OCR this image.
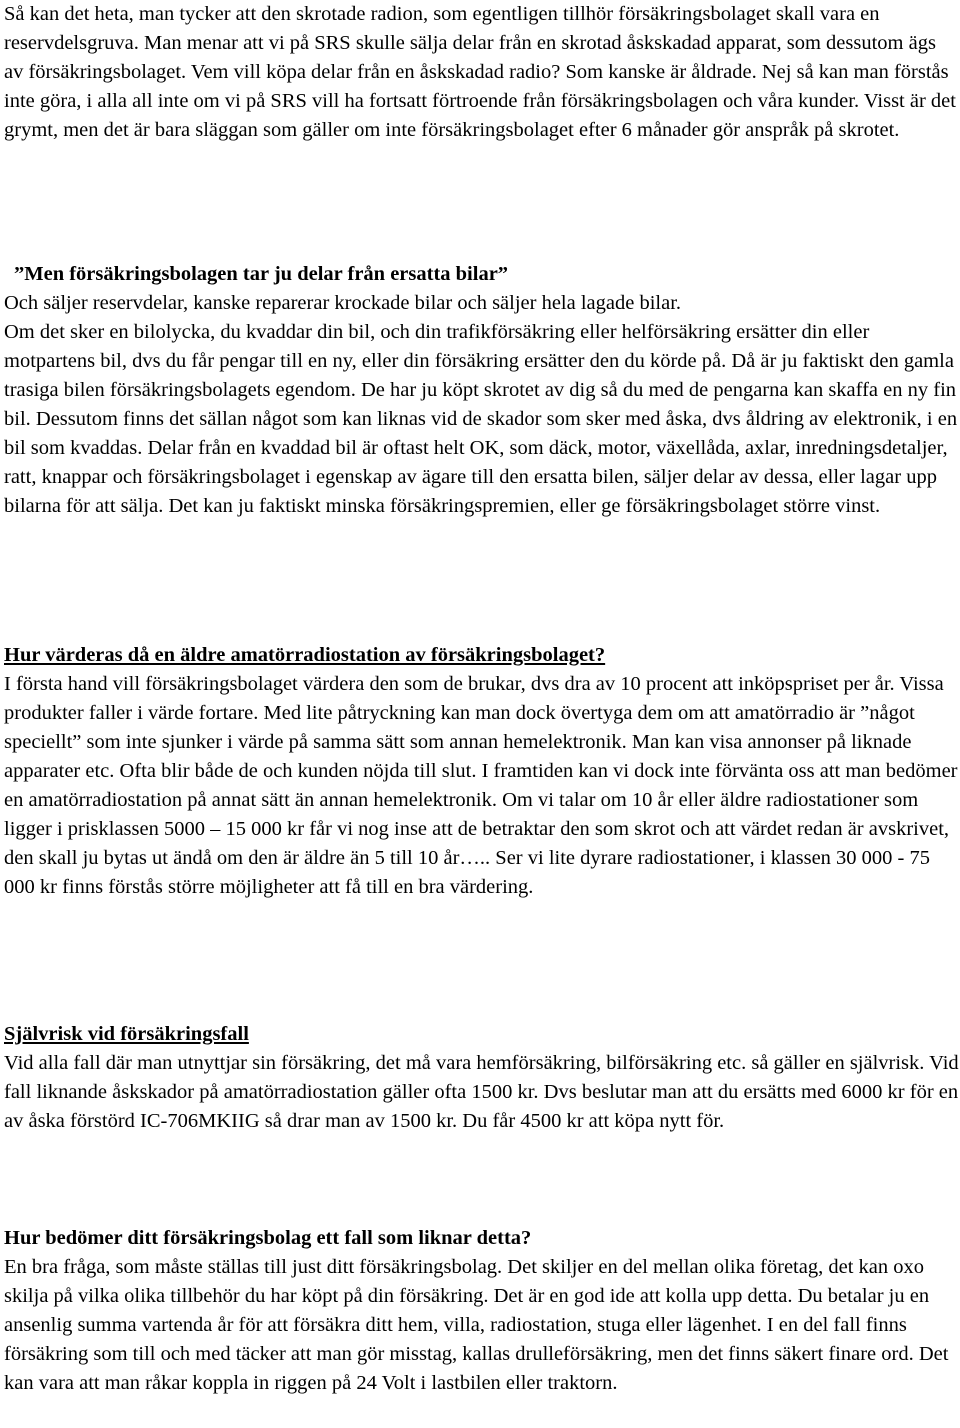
Så kan det heta, man tycker att den skrotade radion, som egentligen tillhör försäkringsbolaget skall vara en reservdelsgruva. Man menar att vi på SRS skulle sälja delar från en skrotad åskskadad apparat, som dessutom ägs av försäkringsbolaget. Vem vill köpa delar från en åskskadad radio? Som kanske är åldrade. Nej så kan man förstås inte göra, i alla all inte om vi på SRS vill ha fortsatt förtroende från försäkringsbolagen och våra kunder. Visst är det grymt, men det är bara släggan som gäller om inte försäkringsbolaget efter 6 månader gör anspråk på skrotet.

”Men försäkringsbolagen tar ju delar från ersatta bilar”

Och säljer reservdelar, kanske reparerar krockade bilar och säljer hela lagade bilar.

Om det sker en bilolycka, du kvaddar din bil, och din trafikförsäkring eller helförsäkring ersätter din eller motpartens bil, dvs du får pengar till en ny, eller din försäkring ersätter den du körde på. Då är ju faktiskt den gamla trasiga bilen försäkringsbolagets egendom. De har ju köpt skrotet av dig så du med de pengarna kan skaffa en ny fin bil. Dessutom finns det sällan något som kan liknas vid de skador som sker med åska, dvs åldring av elektronik, i en bil som kvaddas. Delar från en kvaddad bil är oftast helt OK, som däck, motor, växellåda, axlar, inredningsdetaljer, ratt, knappar och försäkringsbolaget i egenskap av ägare till den ersatta bilen, säljer delar av dessa, eller lagar upp bilarna för att sälja. Det kan ju faktiskt minska försäkringspremien, eller ge försäkringsbolaget större vinst.

Hur värderas då en äldre amatörradiostation av försäkringsbolaget?

I första hand vill försäkringsbolaget värdera den som de brukar, dvs dra av 10 procent att inköpspriset per år. Vissa produkter faller i värde fortare. Med lite påtryckning kan man dock övertyga dem om att amatörradio är ”något speciellt” som inte sjunker i värde på samma sätt som annan hemelektronik. Man kan visa annonser på liknade apparater etc. Ofta blir både de och kunden nöjda till slut. I framtiden kan vi dock inte förvänta oss att man bedömer en amatörradiostation på annat sätt än annan hemelektronik. Om vi talar om 10 år eller äldre radiostationer som ligger i prisklassen 5000 – 15 000 kr får vi nog inse att de betraktar den som skrot och att värdet redan är avskrivet, den skall ju bytas ut ändå om den är äldre än 5 till 10 år….. Ser vi lite dyrare radiostationer, i klassen 30 000 - 75 000 kr finns förstås större möjligheter att få till en bra värdering.

Självrisk vid försäkringsfall

Vid alla fall där man utnyttjar sin försäkring, det må vara hemförsäkring, bilförsäkring etc. så gäller en självrisk. Vid fall liknande åskskador på amatörradiostation gäller ofta 1500 kr. Dvs beslutar man att du ersätts med 6000 kr för en av åska förstörd IC-706MKIIG så drar man av 1500 kr. Du får 4500 kr att köpa nytt för.

Hur bedömer ditt försäkringsbolag ett fall som liknar detta?

En bra fråga, som måste ställas till just ditt försäkringsbolag. Det skiljer en del mellan olika företag, det kan oxo skilja på vilka olika tillbehör du har köpt på din försäkring. Det är en god ide att kolla upp detta. Du betalar ju en ansenlig summa vartenda år för att försäkra ditt hem, villa, radiostation, stuga eller lägenhet. I en del fall finns försäkring som till och med täcker att man gör misstag, kallas drulleförsäkring, men det finns säkert finare ord. Det kan vara att man råkar koppla in riggen på 24 Volt i lastbilen eller traktorn.
